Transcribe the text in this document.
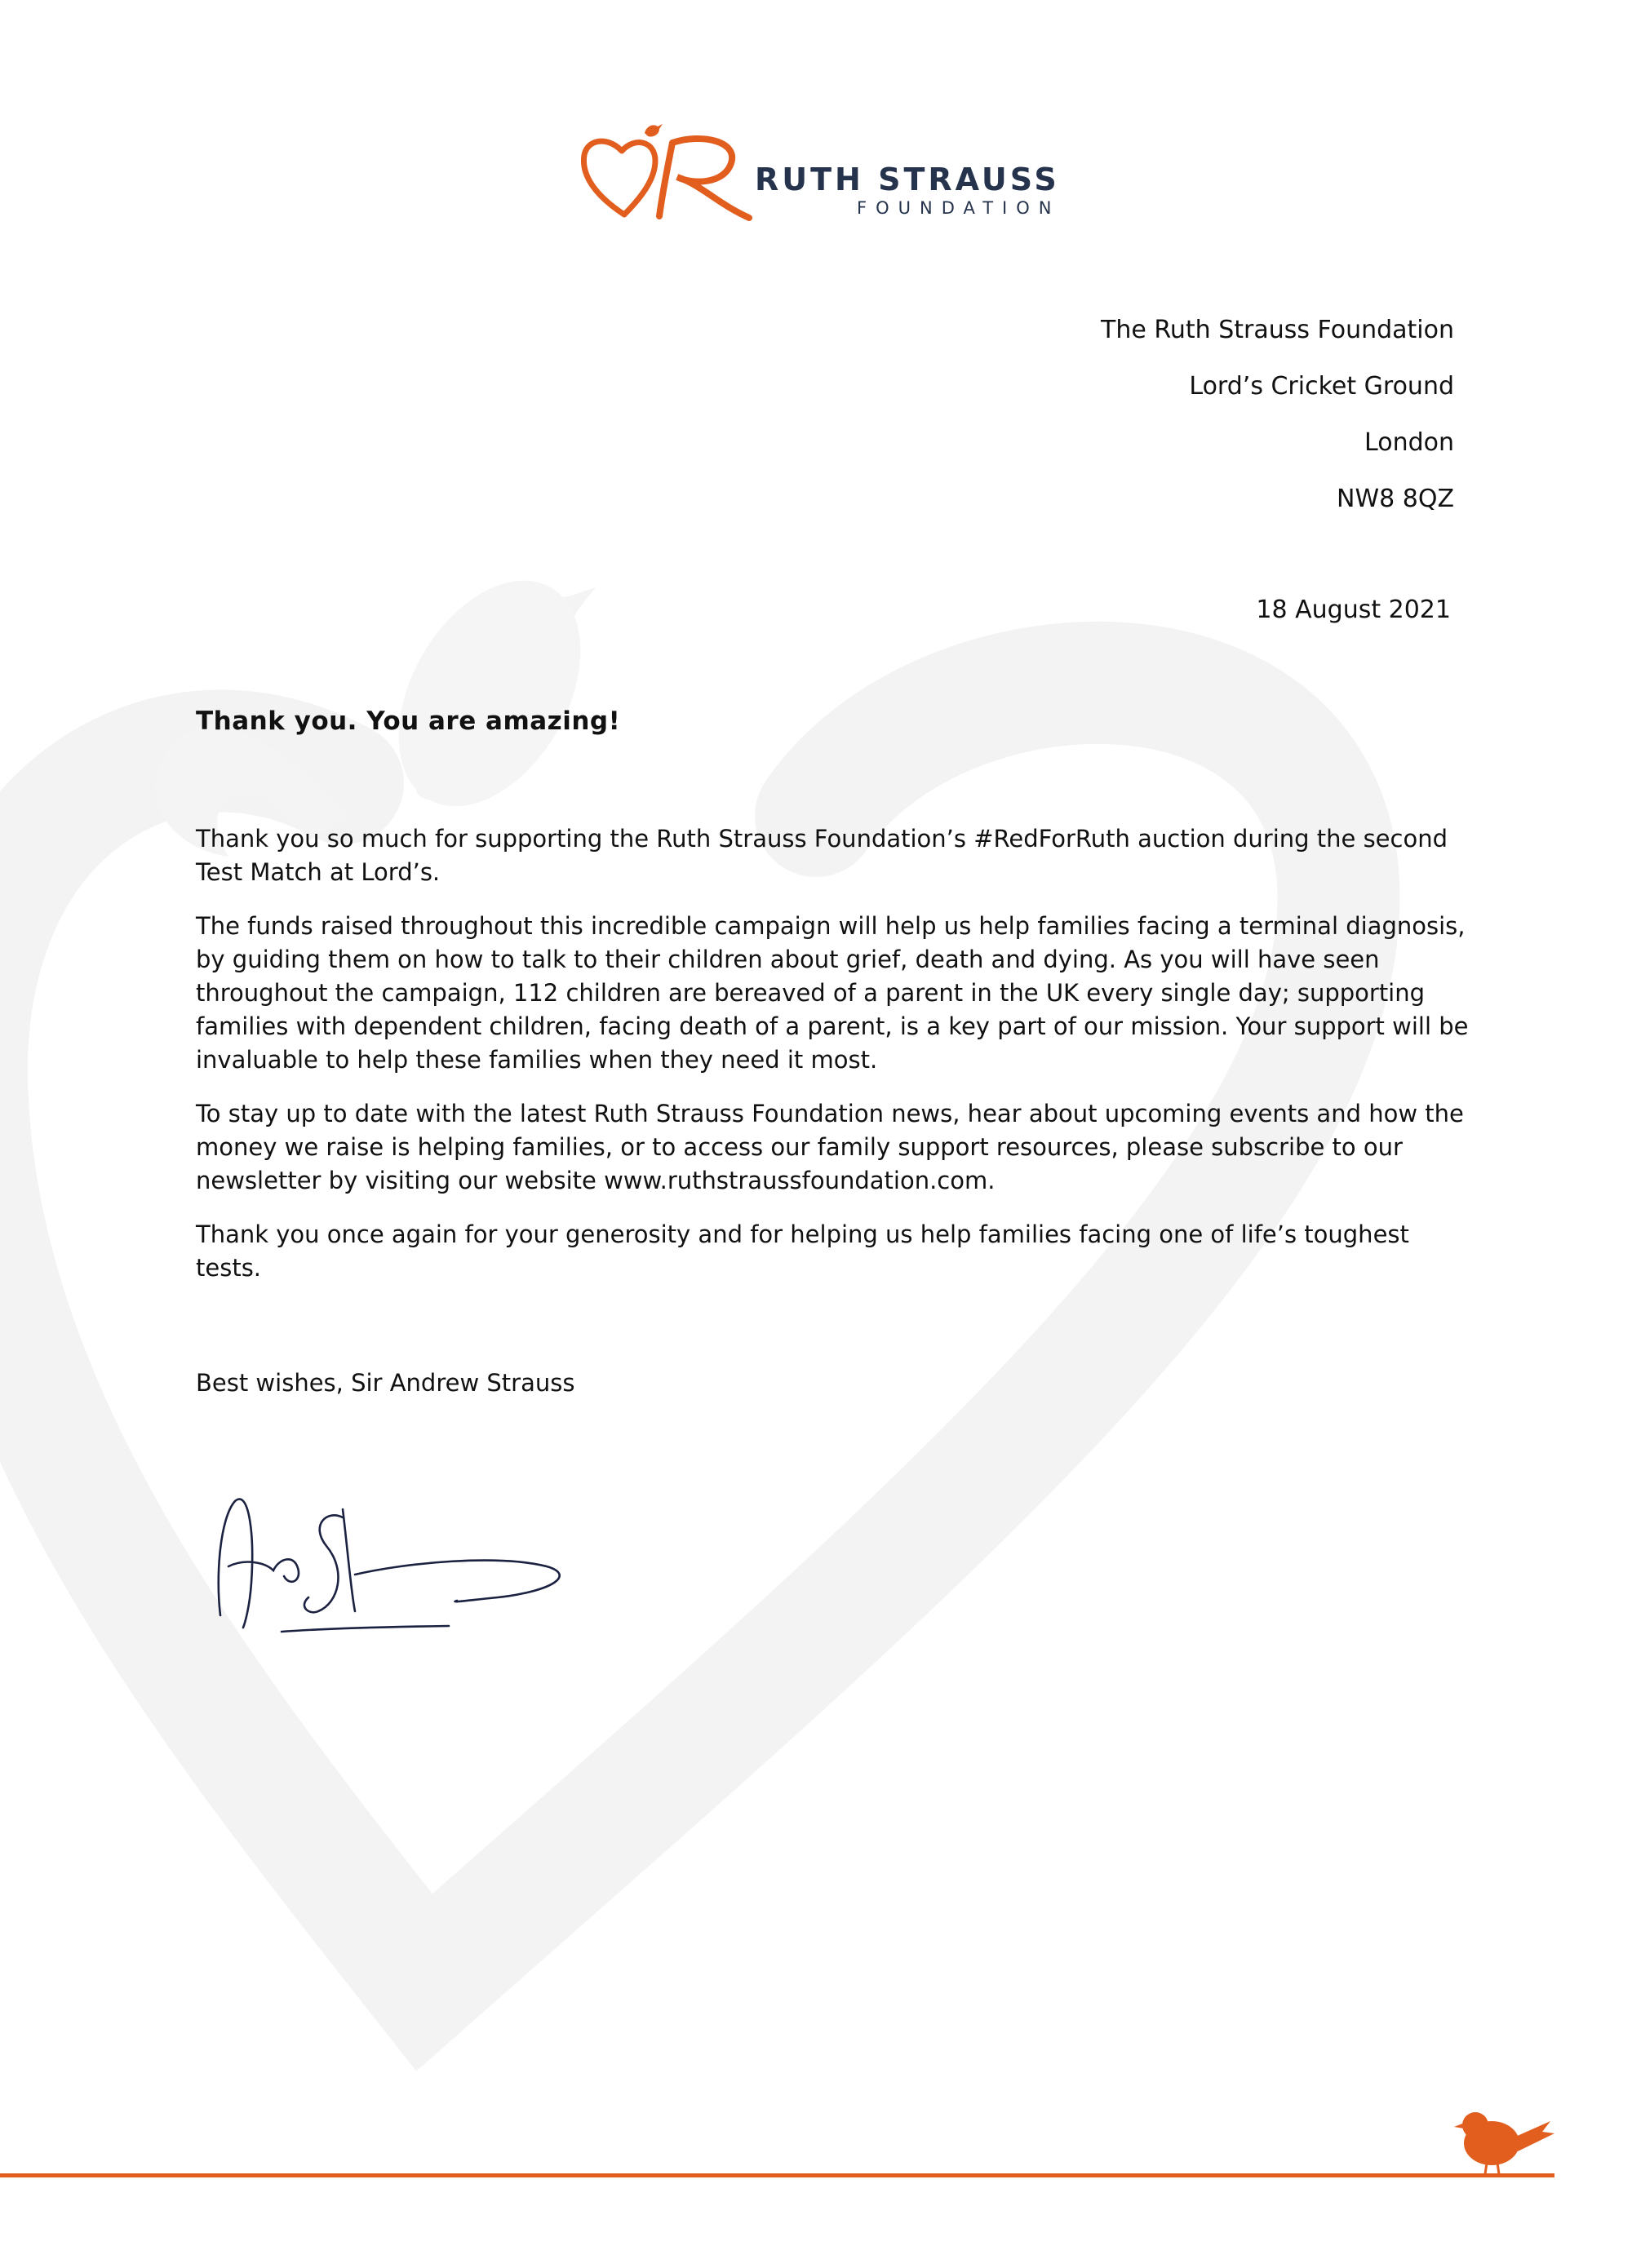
RUTH STRAUSS
FOUNDATION
The Ruth Strauss Foundation
Lord’s Cricket Ground
London
NW8 8QZ
18 August 2021
Thank you. You are amazing!

Thank you so much for supporting the Ruth Strauss Foundation’s #RedForRuth auction during the second Test Match at Lord’s.

The funds raised throughout this incredible campaign will help us help families facing a terminal diagnosis, by guiding them on how to talk to their children about grief, death and dying. As you will have seen throughout the campaign, 112 children are bereaved of a parent in the UK every single day; supporting families with dependent children, facing death of a parent, is a key part of our mission. Your support will be invaluable to help these families when they need it most.

To stay up to date with the latest Ruth Strauss Foundation news, hear about upcoming events and how the money we raise is helping families, or to access our family support resources, please subscribe to our newsletter by visiting our website www.ruthstraussfoundation.com.

Thank you once again for your generosity and for helping us help families facing one of life’s toughest tests.

Best wishes, Sir Andrew Strauss
